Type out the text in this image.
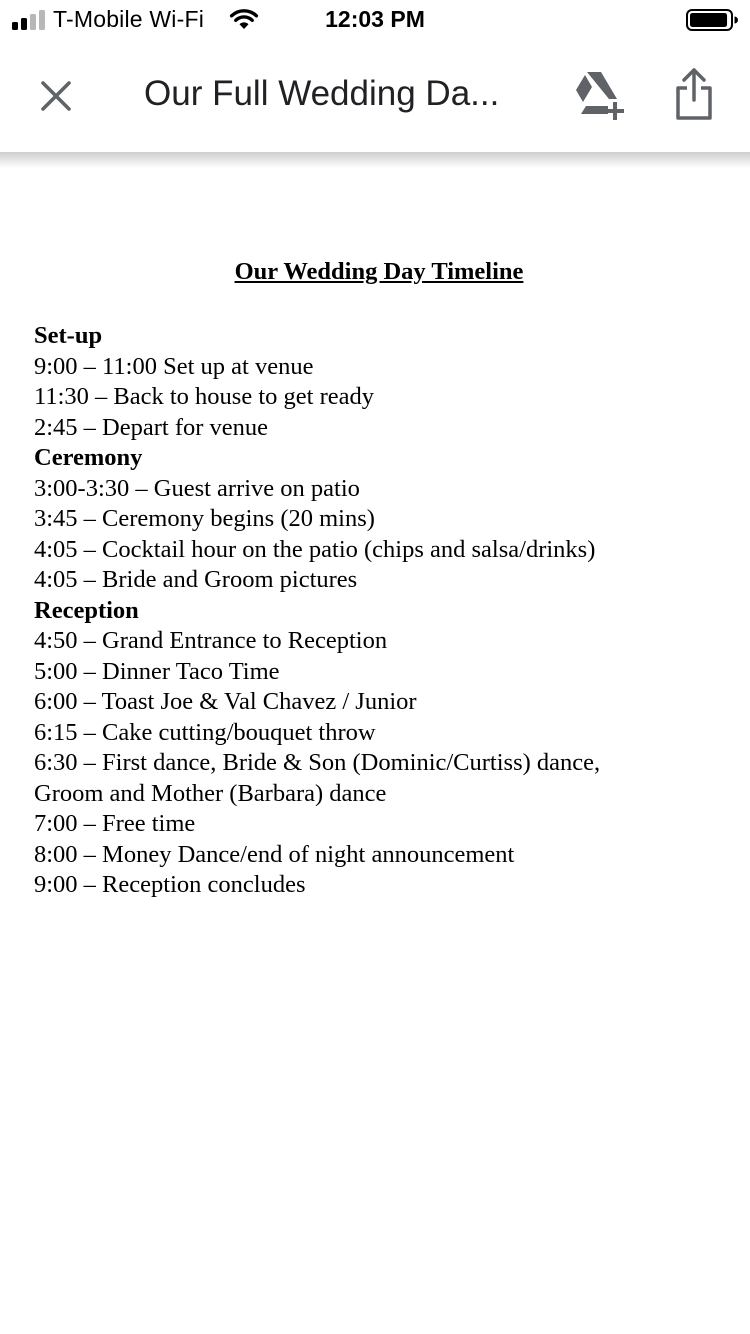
T-Mobile Wi-Fi	12:03 PM
Our Full Wedding Da...
Our Wedding Day Timeline
Set-up
9:00 – 11:00 Set up at venue
11:30 – Back to house to get ready
2:45 – Depart for venue
Ceremony
3:00-3:30 – Guest arrive on patio
3:45 – Ceremony begins (20 mins)
4:05 – Cocktail hour on the patio (chips and salsa/drinks)
4:05 – Bride and Groom pictures
Reception
4:50 – Grand Entrance to Reception
5:00 – Dinner Taco Time
6:00 – Toast Joe & Val Chavez / Junior
6:15 – Cake cutting/bouquet throw
6:30 – First dance, Bride & Son (Dominic/Curtiss) dance, Groom and Mother (Barbara) dance
7:00 – Free time
8:00 – Money Dance/end of night announcement
9:00 – Reception concludes
